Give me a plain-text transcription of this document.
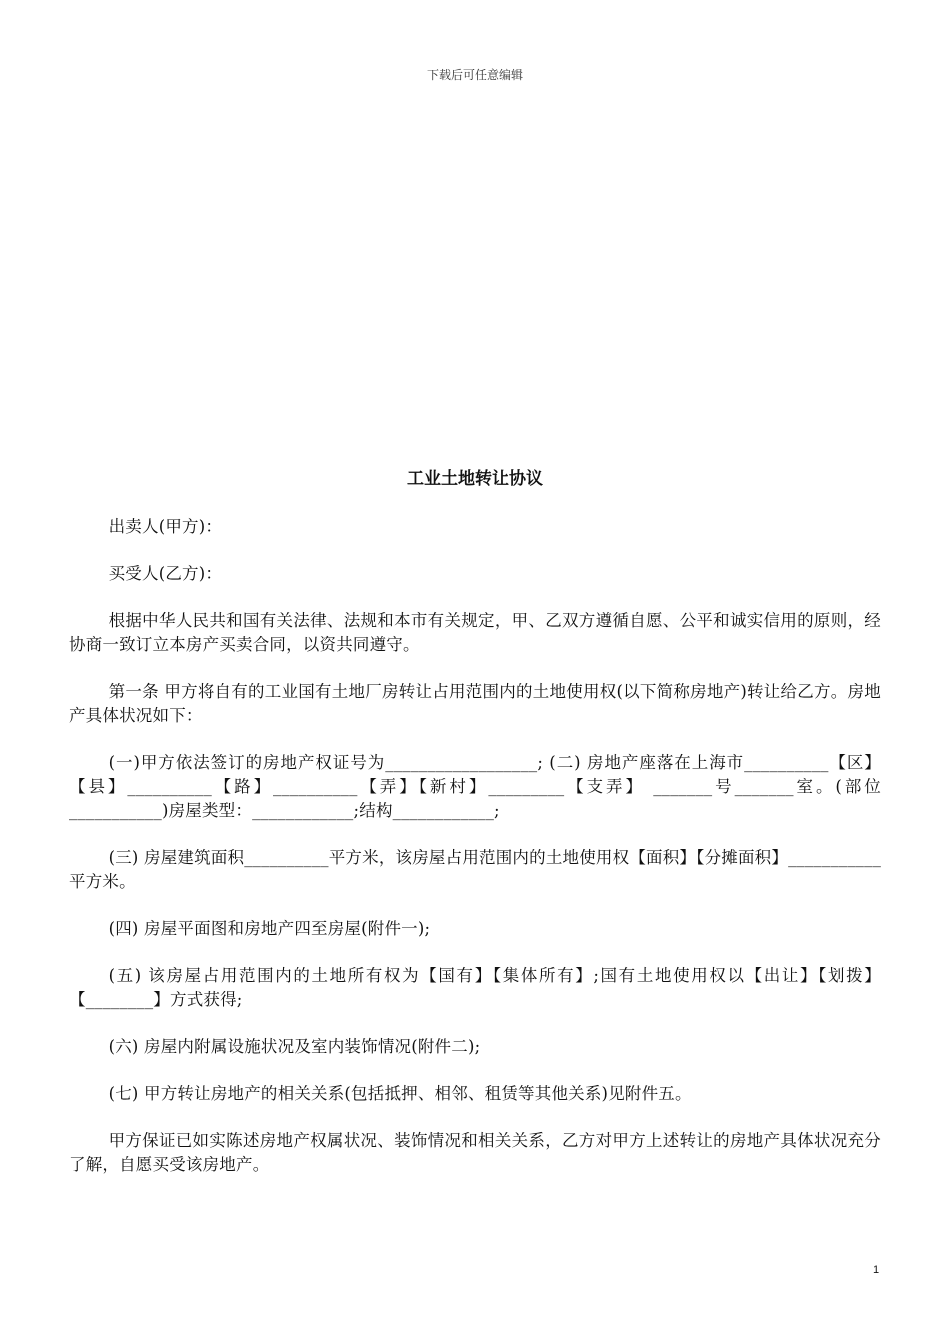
下载后可任意编辑
工业土地转让协议

出卖人(甲方)：

买受人(乙方)：

根据中华人民共和国有关法律、法规和本市有关规定，甲、乙双方遵循自愿、公平和诚实信用的原则，经协商一致订立本房产买卖合同，以资共同遵守。

第一条 甲方将自有的工业国有土地厂房转让占用范围内的土地使用权(以下简称房地产)转让给乙方。房地产具体状况如下：

(一)甲方依法签订的房地产权证号为__________________; (二) 房地产座落在上海市__________【区】【县】__________【路】__________【弄】【新村】_________【支弄】 _______号_______室。(部位___________)房屋类型：____________;结构____________;

(三) 房屋建筑面积__________平方米，该房屋占用范围内的土地使用权【面积】【分摊面积】___________平方米。

(四) 房屋平面图和房地产四至房屋(附件一);

(五) 该房屋占用范围内的土地所有权为【国有】【集体所有】;国有土地使用权以【出让】【划拨】【________】方式获得;

(六) 房屋内附属设施状况及室内装饰情况(附件二);

(七) 甲方转让房地产的相关关系(包括抵押、相邻、租赁等其他关系)见附件五。

甲方保证已如实陈述房地产权属状况、装饰情况和相关关系，乙方对甲方上述转让的房地产具体状况充分了解，自愿买受该房地产。

1
